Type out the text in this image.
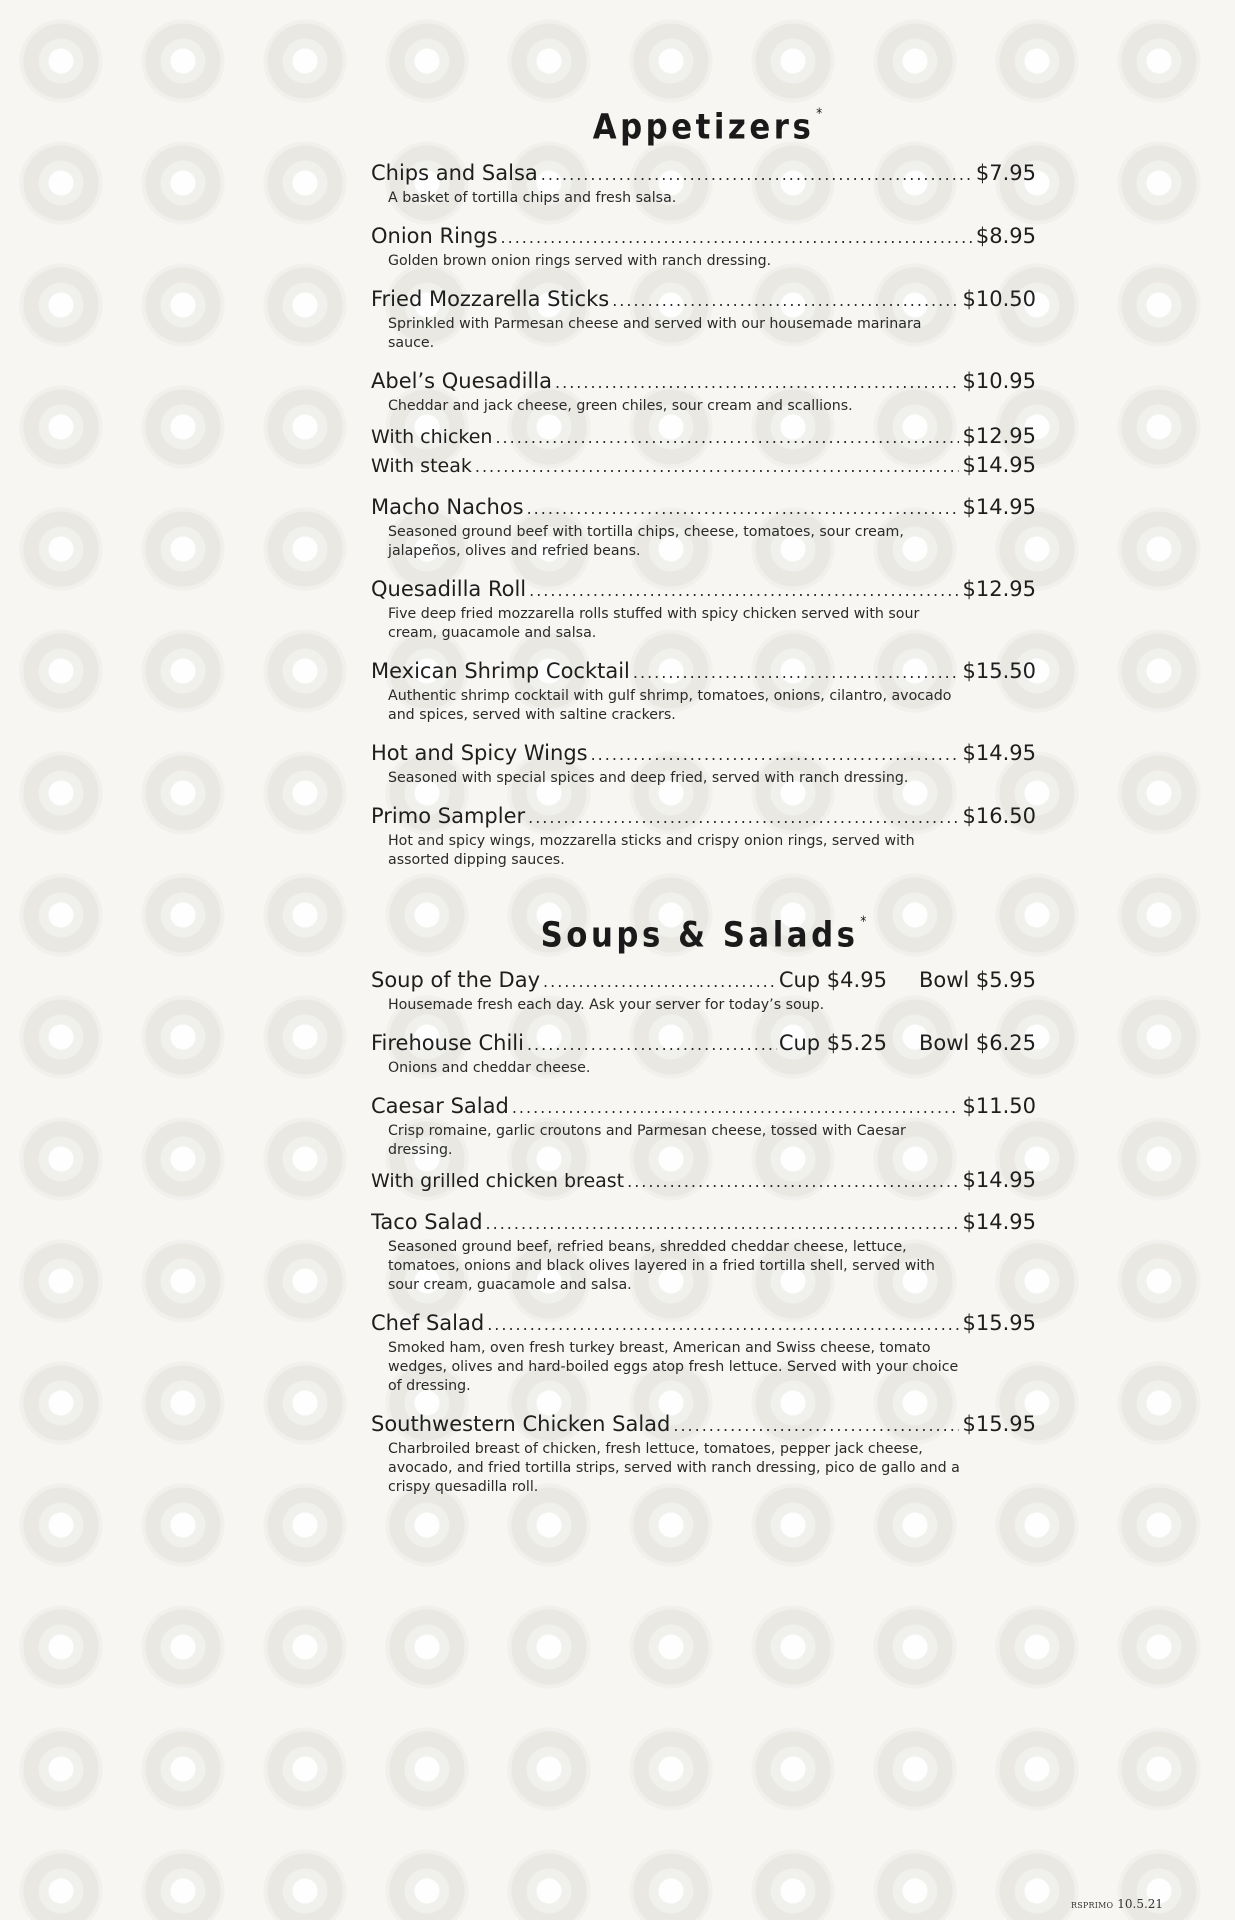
Appetizers *
Chips and Salsa .....	$7.95
A basket of tortilla chips and fresh salsa.
Onion Rings .....	$8.95
Golden brown onion rings served with ranch dressing.
Fried Mozzarella Sticks .....	$10.50
Sprinkled with Parmesan cheese and served with our housemade marinara sauce.
Abel’s Quesadilla .....	$10.95
Cheddar and jack cheese, green chiles, sour cream and scallions.
With chicken .....	$12.95
With steak .....	$14.95
Macho Nachos .....	$14.95
Seasoned ground beef with tortilla chips, cheese, tomatoes, sour cream, jalapeños, olives and refried beans.
Quesadilla Roll .....	$12.95
Five deep fried mozzarella rolls stuffed with spicy chicken served with sour cream, guacamole and salsa.
Mexican Shrimp Cocktail .....	$15.50
Authentic shrimp cocktail with gulf shrimp, tomatoes, onions, cilantro, avocado and spices, served with saltine crackers.
Hot and Spicy Wings .....	$14.95
Seasoned with special spices and deep fried, served with ranch dressing.
Primo Sampler .....	$16.50
Hot and spicy wings, mozzarella sticks and crispy onion rings, served with assorted dipping sauces.
Soups & Salads *
Soup of the Day .....	Cup $4.95	Bowl $5.95
Housemade fresh each day. Ask your server for today’s soup.
Firehouse Chili .....	Cup $5.25	Bowl $6.25
Onions and cheddar cheese.
Caesar Salad .....	$11.50
Crisp romaine, garlic croutons and Parmesan cheese, tossed with Caesar dressing.
With grilled chicken breast .....	$14.95
Taco Salad .....	$14.95
Seasoned ground beef, refried beans, shredded cheddar cheese, lettuce, tomatoes, onions and black olives layered in a fried tortilla shell, served with sour cream, guacamole and salsa.
Chef Salad .....	$15.95
Smoked ham, oven fresh turkey breast, American and Swiss cheese, tomato wedges, olives and hard-boiled eggs atop fresh lettuce. Served with your choice of dressing.
Southwestern Chicken Salad .....	$15.95
Charbroiled breast of chicken, fresh lettuce, tomatoes, pepper jack cheese, avocado, and fried tortilla strips, served with ranch dressing, pico de gallo and a crispy quesadilla roll.
RSPRIMO 10.5.21
